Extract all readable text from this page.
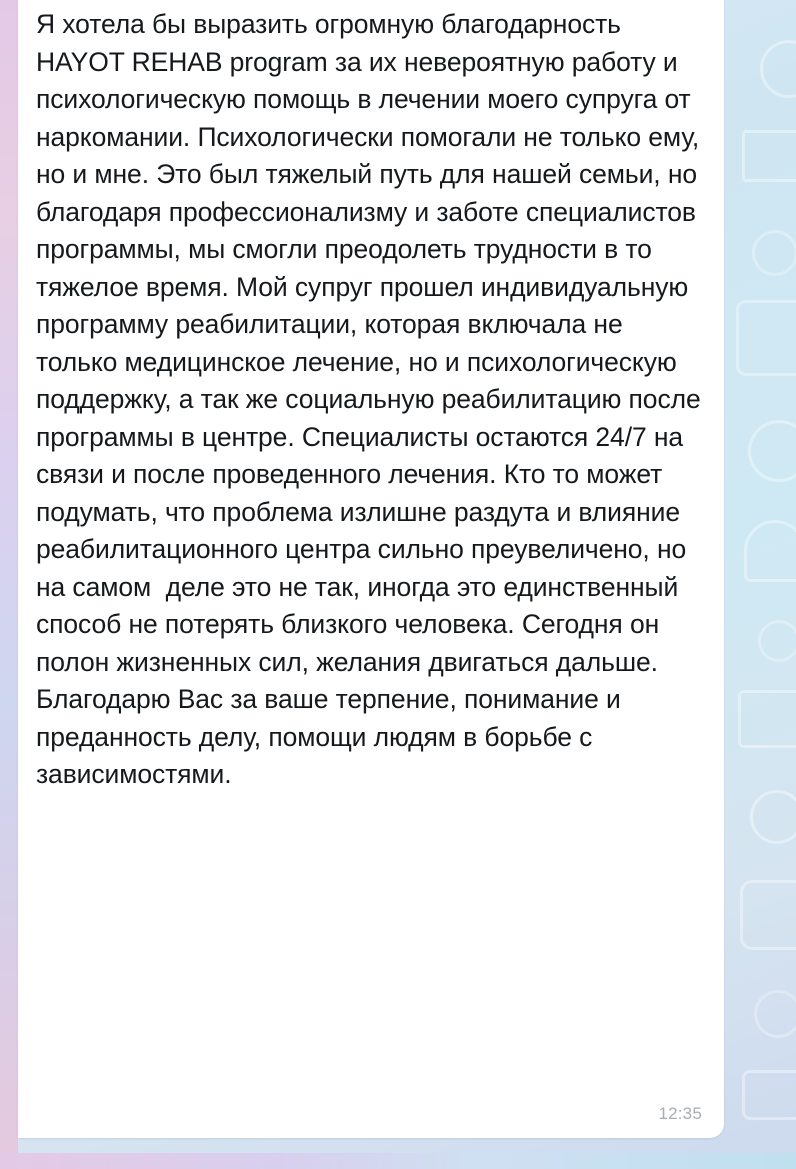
Я хотела бы выразить огромную благодарность HAYOT REHAB program за их невероятную работу и психологическую помощь в лечении моего супруга от наркомании. Психологически помогали не только ему, но и мне. Это был тяжелый путь для нашей семьи, но благодаря профессионализму и заботе специалистов программы, мы смогли преодолеть трудности в то тяжелое время. Мой супруг прошел индивидуальную программу реабилитации, которая включала не только медицинское лечение, но и психологическую поддержку, а так же социальную реабилитацию после программы в центре. Специалисты остаются 24/7 на связи и после проведенного лечения. Кто то может подумать, что проблема излишне раздута и влияние реабилитационного центра сильно преувеличено, но на самом  деле это не так, иногда это единственный способ не потерять близкого человека. Сегодня он полон жизненных сил, желания двигаться дальше. Благодарю Вас за ваше терпение, понимание и преданность делу, помощи людям в борьбе с зависимостями.

12:35
